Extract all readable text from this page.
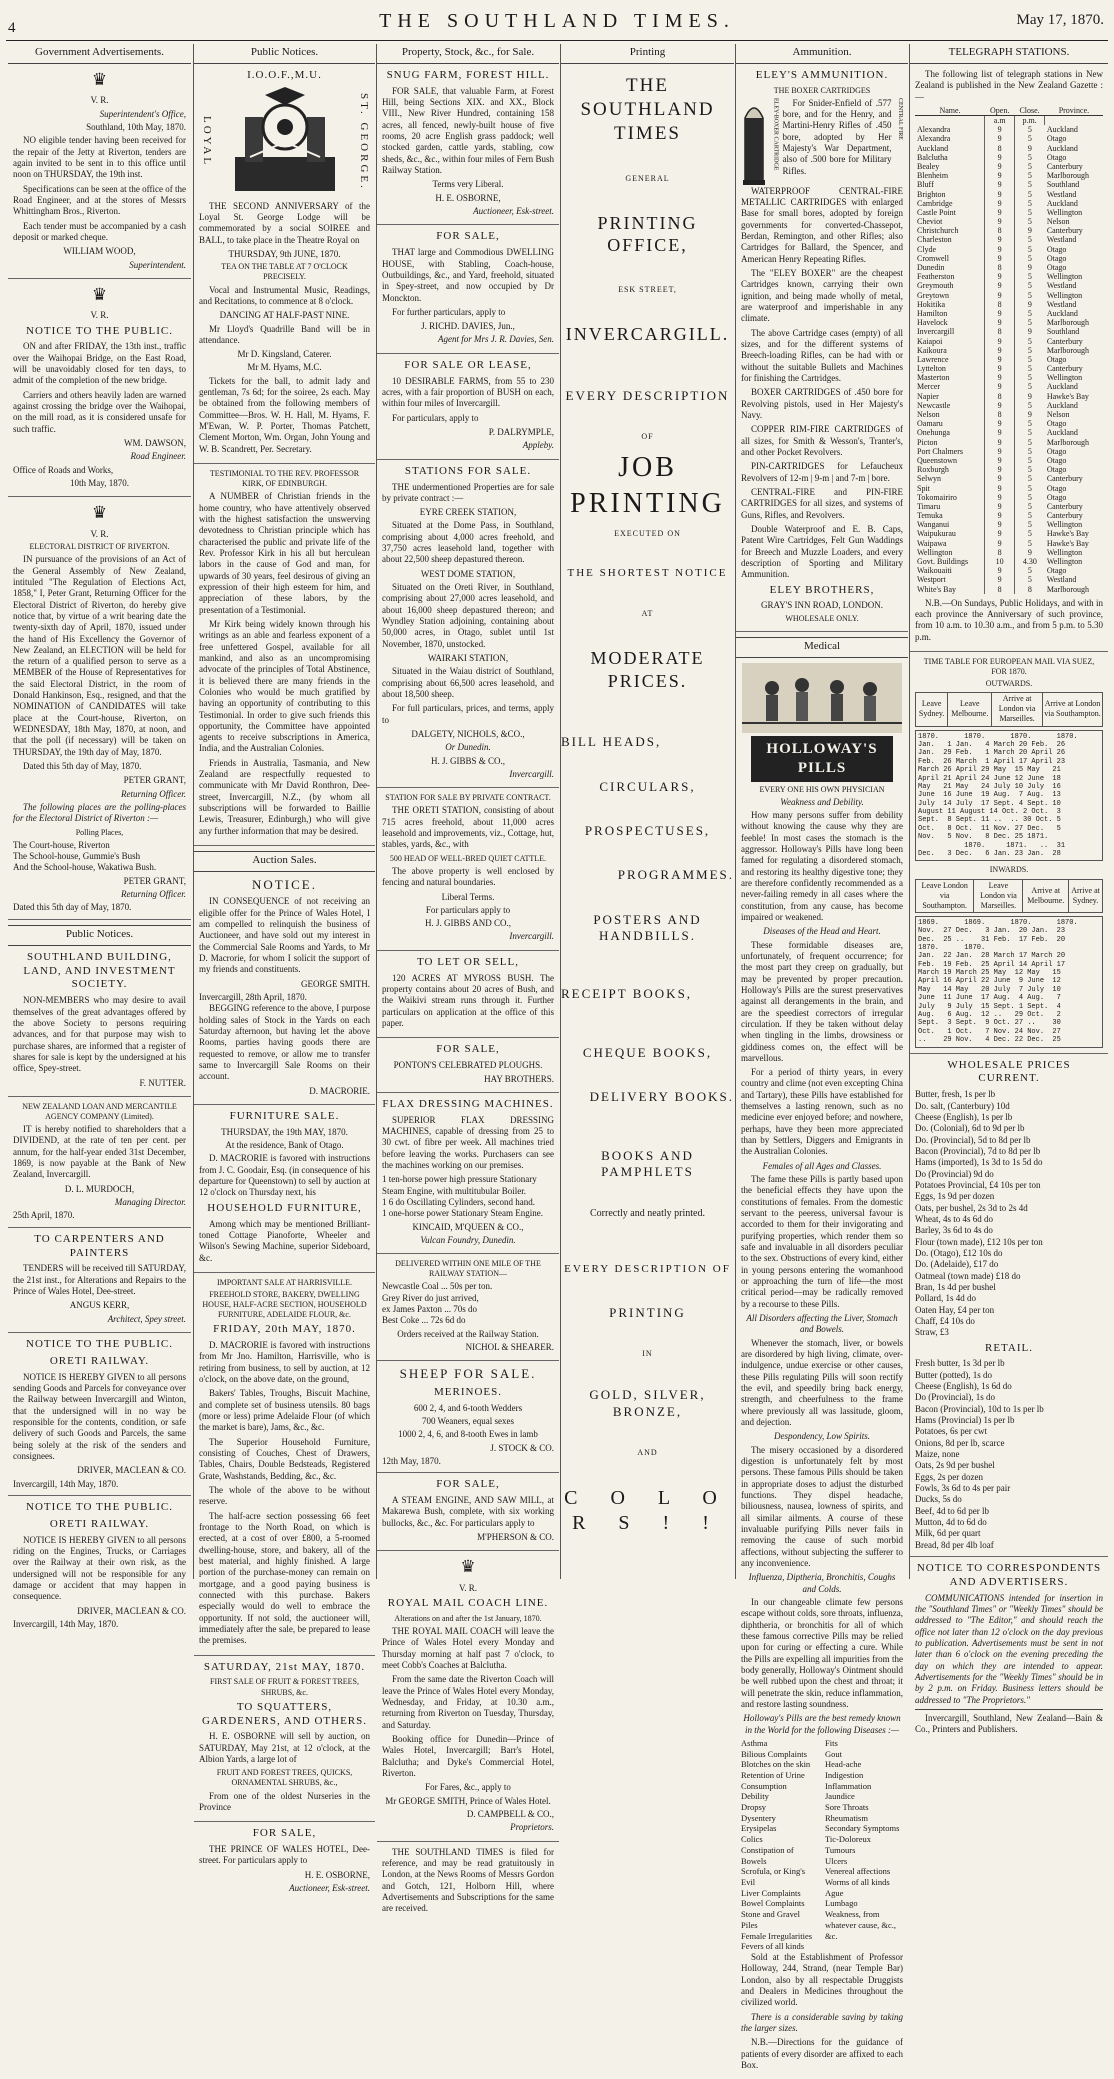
4	THE SOUTHLAND TIMES.	May 17, 1870.
Government Advertisements.
♛
V. R.
Superintendent's Office,
Southland, 10th May, 1870.

NO eligible tender having been received for the repair of the Jetty at Riverton, tenders are again invited to be sent in to this office until noon on THURSDAY, the 19th inst.

Specifications can be seen at the office of the Road Engineer, and at the stores of Messrs Whittingham Bros., Riverton.

Each tender must be accompanied by a cash deposit or marked cheque.

WILLIAM WOOD,
Superintendent.
♛
V. R.
NOTICE TO THE PUBLIC.

ON and after FRIDAY, the 13th inst., traffic over the Waihopai Bridge, on the East Road, will be unavoidably closed for ten days, to admit of the completion of the new bridge.

Carriers and others heavily laden are warned against crossing the bridge over the Waihopai, on the mill road, as it is considered unsafe for such traffic.

WM. DAWSON,
Road Engineer.
Office of Roads and Works,
10th May, 1870.
♛
V. R.
ELECTORAL DISTRICT OF RIVERTON.

IN pursuance of the provisions of an Act of the General Assembly of New Zealand, intituled "The Regulation of Elections Act, 1858," I, Peter Grant, Returning Officer for the Electoral District of Riverton, do hereby give notice that, by virtue of a writ bearing date the twenty-sixth day of April, 1870, issued under the hand of His Excellency the Governor of New Zealand, an ELECTION will be held for the return of a qualified person to serve as a MEMBER of the House of Representatives for the said Electoral District, in the room of Donald Hankinson, Esq., resigned, and that the NOMINATION of CANDIDATES will take place at the Court-house, Riverton, on WEDNESDAY, 18th May, 1870, at noon, and that the poll (if necessary) will be taken on THURSDAY, the 19th day of May, 1870.

Dated this 5th day of May, 1870.

PETER GRANT,
Returning Officer.

The following places are the polling-places for the Electoral District of Riverton :—

Polling Places,
The Court-house, Riverton
The School-house, Gummie's Bush
And the School-house, Wakatiwa Bush.
PETER GRANT,
Returning Officer.
Dated this 5th day of May, 1870.
Public Notices.
SOUTHLAND BUILDING, LAND, AND INVESTMENT SOCIETY.

NON-MEMBERS who may desire to avail themselves of the great advantages offered by the above Society to persons requiring advances, and for that purpose may wish to purchase shares, are informed that a register of shares for sale is kept by the undersigned at his office, Spey-street.

F. NUTTER.
NEW ZEALAND LOAN AND MERCANTILE AGENCY COMPANY (Limited).

IT is hereby notified to shareholders that a DIVIDEND, at the rate of ten per cent. per annum, for the half-year ended 31st December, 1869, is now payable at the Bank of New Zealand, Invercargill.

D. L. MURDOCH,
Managing Director.
25th April, 1870.
TO CARPENTERS AND PAINTERS

TENDERS will be received till SATURDAY, the 21st inst., for Alterations and Repairs to the Prince of Wales Hotel, Dee-street.

ANGUS KERR,
Architect, Spey street.
NOTICE TO THE PUBLIC.
ORETI RAILWAY.

NOTICE IS HEREBY GIVEN to all persons sending Goods and Parcels for conveyance over the Railway between Invercargill and Winton, that the undersigned will in no way be responsible for the contents, condition, or safe delivery of such Goods and Parcels, the same being solely at the risk of the senders and consignees.

DRIVER, MACLEAN & CO.
Invercargill, 14th May, 1870.
NOTICE TO THE PUBLIC.
ORETI RAILWAY.

NOTICE IS HEREBY GIVEN to all persons riding on the Engines, Trucks, or Carriages over the Railway at their own risk, as the undersigned will not be responsible for any damage or accident that may happen in consequence.

DRIVER, MACLEAN & CO.
Invercargill, 14th May, 1870.
Public Notices.
I.O.O.F.,M.U.
LOYAL	ST. GEORGE.

THE SECOND ANNIVERSARY of the Loyal St. George Lodge will be commemorated by a social SOIREE and BALL, to take place in the Theatre Royal on

THURSDAY, 9th JUNE, 1870.
TEA ON THE TABLE AT 7 O'CLOCK PRECISELY.

Vocal and Instrumental Music, Readings, and Recitations, to commence at 8 o'clock.

DANCING AT HALF-PAST NINE.

Mr Lloyd's Quadrille Band will be in attendance.

Mr D. Kingsland, Caterer.
Mr M. Hyams, M.C.

Tickets for the ball, to admit lady and gentleman, 7s 6d; for the soiree, 2s each. May be obtained from the following members of Committee—Bros. W. H. Hall, M. Hyams, F. M'Ewan, W. P. Porter, Thomas Patchett, Clement Morton, Wm. Organ, John Young and W. B. Scandrett, Per. Secretary.

TESTIMONIAL TO THE REV. PROFESSOR KIRK, OF EDINBURGH.

A NUMBER of Christian friends in the home country, who have attentively observed with the highest satisfaction the unswerving devotedness to Christian principle which has characterised the public and private life of the Rev. Professor Kirk in his all but herculean labors in the cause of God and man, for upwards of 30 years, feel desirous of giving an expression of their high esteem for him, and appreciation of these labors, by the presentation of a Testimonial.

Mr Kirk being widely known through his writings as an able and fearless exponent of a free unfettered Gospel, available for all mankind, and also as an uncompromising advocate of the principles of Total Abstinence, it is believed there are many friends in the Colonies who would be much gratified by having an opportunity of contributing to this Testimonial. In order to give such friends this opportunity, the Committee have appointed agents to receive subscriptions in America, India, and the Australian Colonies.

Friends in Australia, Tasmania, and New Zealand are respectfully requested to communicate with Mr David Ronthron, Dee-street, Invercargill, N.Z., (by whom all subscriptions will be forwarded to Baillie Lewis, Treasurer, Edinburgh,) who will give any further information that may be desired.

Auction Sales.
NOTICE.

IN CONSEQUENCE of not receiving an eligible offer for the Prince of Wales Hotel, I am compelled to relinquish the business of Auctioneer, and have sold out my interest in the Commercial Sale Rooms and Yards, to Mr D. Macrorie, for whom I solicit the support of my friends and constituents.

GEORGE SMITH.
Invercargill, 28th April, 1870.

BEGGING reference to the above, I purpose holding sales of Stock in the Yards on each Saturday afternoon, but having let the above Rooms, parties having goods there are requested to remove, or allow me to transfer same to Invercargill Sale Rooms on their account.

D. MACRORIE.
FURNITURE SALE.
THURSDAY, the 19th MAY, 1870.
At the residence, Bank of Otago.

D. MACRORIE is favored with instructions from J. C. Goodair, Esq. (in consequence of his departure for Queenstown) to sell by auction at 12 o'clock on Thursday next, his

HOUSEHOLD FURNITURE,

Among which may be mentioned Brilliant-toned Cottage Pianoforte, Wheeler and Wilson's Sewing Machine, superior Sideboard, &c.

IMPORTANT SALE AT HARRISVILLE.
FREEHOLD STORE, BAKERY, DWELLING HOUSE, HALF-ACRE SECTION, HOUSEHOLD FURNITURE, ADELAIDE FLOUR, &c.
FRIDAY, 20th MAY, 1870.

D. MACRORIE is favored with instructions from Mr Jno. Hamilton, Harrisville, who is retiring from business, to sell by auction, at 12 o'clock, on the above date, on the ground,

Bakers' Tables, Troughs, Biscuit Machine, and complete set of business utensils. 80 bags (more or less) prime Adelaide Flour (of which the market is bare), Jams, &c., &c.

The Superior Household Furniture, consisting of Couches, Chest of Drawers, Tables, Chairs, Double Bedsteads, Registered Grate, Washstands, Bedding, &c., &c.

The whole of the above to be without reserve.

The half-acre section possessing 66 feet frontage to the North Road, on which is erected, at a cost of over £800, a 5-roomed dwelling-house, store, and bakery, all of the best material, and highly finished. A large portion of the purchase-money can remain on mortgage, and a good paying business is connected with this purchase. Bakers especially would do well to embrace the opportunity. If not sold, the auctioneer will, immediately after the sale, be prepared to lease the premises.

SATURDAY, 21st MAY, 1870.
FIRST SALE OF FRUIT & FOREST TREES, SHRUBS, &c.
TO SQUATTERS, GARDENERS, AND OTHERS.

H. E. OSBORNE will sell by auction, on SATURDAY, May 21st, at 12 o'clock, at the Albion Yards, a large lot of

FRUIT AND FOREST TREES, QUICKS, ORNAMENTAL SHRUBS, &c.,

From one of the oldest Nurseries in the Province

FOR SALE,

THE PRINCE OF WALES HOTEL, Dee-street. For particulars apply to

H. E. OSBORNE,
Auctioneer, Esk-street.
Property, Stock, &c., for Sale.
SNUG FARM, FOREST HILL.

FOR SALE, that valuable Farm, at Forest Hill, being Sections XIX. and XX., Block VIII., New River Hundred, containing 158 acres, all fenced, newly-built house of five rooms, 20 acre English grass paddock; well stocked garden, cattle yards, stabling, cow sheds, &c., &c., within four miles of Fern Bush Railway Station.

Terms very Liberal.
H. E. OSBORNE,
Auctioneer, Esk-street.
FOR SALE,

THAT large and Commodious DWELLING HOUSE, with Stabling, Coach-house, Outbuildings, &c., and Yard, freehold, situated in Spey-street, and now occupied by Dr Monckton.

For further particulars, apply to

J. RICHD. DAVIES, Jun.,
Agent for Mrs J. R. Davies, Sen.
FOR SALE OR LEASE,

10 DESIRABLE FARMS, from 55 to 230 acres, with a fair proportion of BUSH on each, within four miles of Invercargill.

For particulars, apply to

P. DALRYMPLE,
Appleby.
STATIONS FOR SALE.

THE undermentioned Properties are for sale by private contract :—

EYRE CREEK STATION,

Situated at the Dome Pass, in Southland, comprising about 4,000 acres freehold, and 37,750 acres leasehold land, together with about 22,500 sheep depastured thereon.

WEST DOME STATION,

Situated on the Oreti River, in Southland, comprising about 27,000 acres leasehold, and about 16,000 sheep depastured thereon; and Wyndley Station adjoining, containing about 50,000 acres, in Otago, sublet until 1st November, 1870, unstocked.

WAIRAKI STATION,

Situated in the Waiau district of Southland, comprising about 66,500 acres leasehold, and about 18,500 sheep.

For full particulars, prices, and terms, apply to

DALGETY, NICHOLS, &CO.,
Or Dunedin.
H. J. GIBBS & CO.,
Invercargill.
STATION FOR SALE BY PRIVATE CONTRACT.

THE ORETI STATION, consisting of about 715 acres freehold, about 11,000 acres leasehold and improvements, viz., Cottage, hut, stables, yards, &c., with

500 HEAD OF WELL-BRED QUIET CATTLE.

The above property is well enclosed by fencing and natural boundaries.

Liberal Terms.
For particulars apply to
H. J. GIBBS AND CO.,
Invercargill.
TO LET OR SELL,

120 ACRES AT MYROSS BUSH. The property contains about 20 acres of Bush, and the Waikivi stream runs through it. Further particulars on application at the office of this paper.

FOR SALE,
PONTON'S CELEBRATED PLOUGHS.
HAY BROTHERS.
FLAX DRESSING MACHINES.

SUPERIOR FLAX DRESSING MACHINES, capable of dressing from 25 to 30 cwt. of fibre per week. All machines tried before leaving the works. Purchasers can see the machines working on our premises.

1 ten-horse power high pressure Stationary Steam Engine, with multitubular Boiler.
1 6 do Oscillating Cylinders, second hand.
1 one-horse power Stationary Steam Engine.
KINCAID, M'QUEEN & CO.,
Vulcan Foundry, Dunedin.
DELIVERED WITHIN ONE MILE OF THE RAILWAY STATION—
Newcastle Coal ... 50s per ton.
Grey River do just arrived,
ex James Paxton ... 70s do
Best Coke ... 72s 6d do
Orders received at the Railway Station.
NICHOL & SHEARER.
SHEEP FOR SALE.
MERINOES.
600 2, 4, and 6-tooth Wedders
700 Weaners, equal sexes
1000 2, 4, 6, and 8-tooth Ewes in lamb
J. STOCK & CO.
12th May, 1870.
FOR SALE,

A STEAM ENGINE, AND SAW MILL, at Makarewa Bush, complete, with six working bullocks, &c., &c. For particulars apply to

M'PHERSON & CO.
♛
V. R.
ROYAL MAIL COACH LINE.
Alterations on and after the 1st January, 1870.

THE ROYAL MAIL COACH will leave the Prince of Wales Hotel every Monday and Thursday morning at half past 7 o'clock, to meet Cobb's Coaches at Balclutha.

From the same date the Riverton Coach will leave the Prince of Wales Hotel every Monday, Wednesday, and Friday, at 10.30 a.m., returning from Riverton on Tuesday, Thursday, and Saturday.

Booking office for Dunedin—Prince of Wales Hotel, Invercargill; Barr's Hotel, Balclutha; and Dyke's Commercial Hotel, Riverton.

For Fares, &c., apply to
Mr GEORGE SMITH, Prince of Wales Hotel.
D. CAMPBELL & CO.,
Proprietors.

THE SOUTHLAND TIMES is filed for reference, and may be read gratuitously in London, at the News Rooms of Messrs Gordon and Gotch, 121, Holborn Hill, where Advertisements and Subscriptions for the same are received.

Printing
THE SOUTHLAND TIMES
GENERAL
PRINTING OFFICE,
ESK STREET,
INVERCARGILL.
EVERY DESCRIPTION
OF
JOB PRINTING
EXECUTED ON
THE SHORTEST NOTICE
AT
MODERATE PRICES.
BILL HEADS,
CIRCULARS,
PROSPECTUSES,
PROGRAMMES.
POSTERS AND HANDBILLS.
RECEIPT BOOKS,
CHEQUE BOOKS,
DELIVERY BOOKS.
BOOKS AND PAMPHLETS
Correctly and neatly printed.
EVERY DESCRIPTION OF
PRINTING
IN
GOLD, SILVER, BRONZE,
AND
C O L O R S ! !
Ammunition.
ELEY'S AMMUNITION.
THE BOXER CARTRIDGES
ELEY-BOXER CARTRIDGE	For Snider-Enfield of .577 bore, and for the Henry, and Martini-Henry Rifles of .450 bore, adopted by Her Majesty's War Department, also of .500 bore for Military Rifles.

CENTRAL FIRE

WATERPROOF CENTRAL-FIRE METALLIC CARTRIDGES with enlarged Base for small bores, adopted by foreign governments for converted-Chassepot, Berdan, Remington, and other Rifles; also Cartridges for Ballard, the Spencer, and American Henry Repeating Rifles.

The "ELEY BOXER" are the cheapest Cartridges known, carrying their own ignition, and being made wholly of metal, are waterproof and imperishable in any climate.

The above Cartridge cases (empty) of all sizes, and for the different systems of Breech-loading Rifles, can be had with or without the suitable Bullets and Machines for finishing the Cartridges.

BOXER CARTRIDGES of .450 bore for Revolving pistols, used in Her Majesty's Navy.

COPPER RIM-FIRE CARTRIDGES of all sizes, for Smith & Wesson's, Tranter's, and other Pocket Revolvers.

PIN-CARTRIDGES for Lefaucheux Revolvers of 12-m | 9-m | and 7-m | bore.

CENTRAL-FIRE and PIN-FIRE CARTRIDGES for all sizes, and systems of Guns, Rifles, and Revolvers.

Double Waterproof and E. B. Caps, Patent Wire Cartridges, Felt Gun Waddings for Breech and Muzzle Loaders, and every description of Sporting and Military Ammunition.

ELEY BROTHERS,
GRAY'S INN ROAD, LONDON.
WHOLESALE ONLY.
Medical
HOLLOWAY'S PILLS
EVERY ONE HIS OWN PHYSICIAN
Weakness and Debility.

How many persons suffer from debility without knowing the cause why they are feeble! In most cases the stomach is the aggressor. Holloway's Pills have long been famed for regulating a disordered stomach, and restoring its healthy digestive tone; they are therefore confidently recommended as a never-failing remedy in all cases where the constitution, from any cause, has become impaired or weakened.

Diseases of the Head and Heart.

These formidable diseases are, unfortunately, of frequent occurrence; for the most part they creep on gradually, but may be prevented by proper precaution. Holloway's Pills are the surest preservatives against all derangements in the brain, and are the speediest correctors of irregular circulation. If they be taken without delay when tingling in the limbs, drowsiness or giddiness comes on, the effect will be marvellous.

For a period of thirty years, in every country and clime (not even excepting China and Tartary), these Pills have established for themselves a lasting renown, such as no medicine ever enjoyed before; and nowhere, perhaps, have they been more appreciated than by Settlers, Diggers and Emigrants in the Australian Colonies.

Females of all Ages and Classes.

The fame these Pills is partly based upon the beneficial effects they have upon the constitutions of females. From the domestic servant to the peeress, universal favour is accorded to them for their invigorating and purifying properties, which render them so safe and invaluable in all disorders peculiar to the sex. Obstructions of every kind, either in young persons entering the womanhood or approaching the turn of life—the most critical period—may be radically removed by a recourse to these Pills.

All Disorders affecting the Liver, Stomach and Bowels.

Whenever the stomach, liver, or bowels are disordered by high living, climate, over-indulgence, undue exercise or other causes, these Pills regulating Pills will soon rectify the evil, and speedily bring back energy, strength, and cheerfulness to the frame where previously all was lassitude, gloom, and dejection.

Despondency, Low Spirits.

The misery occasioned by a disordered digestion is unfortunately felt by most persons. These famous Pills should be taken in appropriate doses to adjust the disturbed functions. They dispel headache, biliousness, nausea, lowness of spirits, and all similar ailments. A course of these invaluable purifying Pills never fails in removing the cause of such morbid affections, without subjecting the sufferer to any inconvenience.

Influenza, Diptheria, Bronchitis, Coughs and Colds.

In our changeable climate few persons escape without colds, sore throats, influenza, diphtheria, or bronchitis for all of which these famous corrective Pills may be relied upon for curing or effecting a cure. While the Pills are expelling all impurities from the body generally, Holloway's Ointment should be well rubbed upon the chest and throat; it will penetrate the skin, reduce inflammation, and restore lasting soundness.

Holloway's Pills are the best remedy known in the World for the following Diseases :—
Asthma
Bilious Complaints
Blotches on the skin
Retention of Urine
Consumption
Debility
Dropsy
Dysentery
Erysipelas
Colics
Constipation of Bowels
Scrofula, or King's Evil
Liver Complaints
Bowel Complaints
Stone and Gravel
Piles
Female Irregularities
Fevers of all kinds
Fits
Gout
Head-ache
Indigestion
Inflammation
Jaundice
Sore Throats
Rheumatism
Secondary Symptoms
Tic-Doloreux
Tumours
Ulcers
Venereal affections
Worms of all kinds
Ague
Lumbago
Weakness, from whatever cause, &c., &c.

Sold at the Establishment of Professor Holloway, 244, Strand, (near Temple Bar) London, also by all respectable Druggists and Dealers in Medicines throughout the civilized world.

There is a considerable saving by taking the larger sizes.

N.B.—Directions for the guidance of patients of every disorder are affixed to each Box.

TELEGRAPH STATIONS.

The following list of telegraph stations in New Zealand is published in the New Zealand Gazette :—

Name.	Open.	Close.	Province.
	a.m	p.m.	
Alexandra	9	5	Auckland
Alexandra	9	5	Otago
Auckland	8	9	Auckland
Balclutha	9	5	Otago
Bealey	9	5	Canterbury
Blenheim	9	5	Marlborough
Bluff	9	5	Southland
Brighton	9	5	Westland
Cambridge	9	5	Auckland
Castle Point	9	5	Wellington
Cheviot	9	5	Nelson
Christchurch	8	9	Canterbury
Charleston	9	5	Westland
Clyde	9	5	Otago
Cromwell	9	5	Otago
Dunedin	8	9	Otago
Featherston	9	5	Wellington
Greymouth	9	5	Westland
Greytown	9	5	Wellington
Hokitika	8	9	Westland
Hamilton	9	5	Auckland
Havelock	9	5	Marlborough
Invercargill	8	9	Southland
Kaiapoi	9	5	Canterbury
Kaikoura	9	5	Marlborough
Lawrence	9	5	Otago
Lyttelton	9	5	Canterbury
Masterton	9	5	Wellington
Mercer	9	5	Auckland
Napier	8	9	Hawke's Bay
Newcastle	9	5	Auckland
Nelson	8	9	Nelson
Oamaru	9	5	Otago
Onehunga	9	5	Auckland
Picton	9	5	Marlborough
Port Chalmers	9	5	Otago
Queenstown	9	5	Otago
Roxburgh	9	5	Otago
Selwyn	9	5	Canterbury
Spit	9	5	Otago
Tokomairiro	9	5	Otago
Timaru	9	5	Canterbury
Temuka	9	5	Canterbury
Wanganui	9	5	Wellington
Waipukurau	9	5	Hawke's Bay
Waipawa	9	5	Hawke's Bay
Wellington	8	9	Wellington
Govt. Buildings	10	4.30	Wellington
Waikouaiti	9	5	Otago
Westport	9	5	Westland
White's Bay	8	8	Marlborough

N.B.—On Sundays, Public Holidays, and with in each province the Anniversary of such province, from 10 a.m. to 10.30 a.m., and from 5 p.m. to 5.30 p.m.

TIME TABLE FOR EUROPEAN MAIL VIA SUEZ, FOR 1870.
OUTWARDS.
Leave Sydney.	Leave Melbourne.	Arrive at London via Marseilles.	Arrive at London via Southampton.
1870.      1870.      1870.      1870.
Jan.   1 Jan.   4 March 20 Feb.  26
Jan.  29 Feb.   1 March 20 April 26
Feb.  26 March  1 April 17 April 23
March 26 April 29 May  15 May   21
April 21 April 24 June 12 June  18
May   21 May   24 July 10 July  16
June  16 June  19 Aug.  7 Aug.  13
July  14 July  17 Sept. 4 Sept. 10
August 11 August 14 Oct. 2 Oct.  3
Sept.  8 Sept. 11 ..  .. 30 Oct. 5
Oct.   8 Oct.  11 Nov. 27 Dec.   5
Nov.   5 Nov.   8 Dec. 25 1871.
1870.     1871.   ..  31
Dec.   3 Dec.   6 Jan. 23 Jan.  28
INWARDS.
Leave London via Southampton.	Leave London via Marseilles.	Arrive at Melbourne.	Arrive at Sydney.
1869.      1869.      1870.      1870.
Nov.  27 Dec.   3 Jan.  20 Jan.  23
Dec.  25 ..    31 Feb.  17 Feb.  20
1870.      1870.
Jan.  22 Jan.  28 March 17 March 20
Feb.  19 Feb.  25 April 14 April 17
March 19 March 25 May  12 May   15
April 16 April 22 June  9 June  12
May   14 May   20 July  7 July  10
June  11 June  17 Aug.  4 Aug.   7
July   9 July  15 Sept. 1 Sept.  4
Aug.   6 Aug.  12 ..   29 Oct.   2
Sept.  3 Sept.  9 Oct. 27 ..    30
Oct.   1 Oct.   7 Nov. 24 Nov.  27
..    29 Nov.   4 Dec. 22 Dec.  25
WHOLESALE PRICES CURRENT.
Butter, fresh, 1s per lb
Do. salt, (Canterbury) 10d
Cheese (English), 1s per lb
Do. (Colonial), 6d to 9d per lb
Do. (Provincial), 5d to 8d per lb
Bacon (Provincial), 7d to 8d per lb
Hams (imported), 1s 3d to 1s 5d do
Do (Provincial) 9d do
Potatoes Provincial, £4 10s per ton
Eggs, 1s 9d per dozen
Oats, per bushel, 2s 3d to 2s 4d
Wheat, 4s to 4s 6d do
Barley, 3s 6d to 4s do
Flour (town made), £12 10s per ton
Do. (Otago), £12 10s do
Do. (Adelaide), £17 do
Oatmeal (town made) £18 do
Bran, 1s 4d per bushel
Pollard, 1s 4d do
Oaten Hay, £4 per ton
Chaff, £4 10s do
Straw, £3
RETAIL.
Fresh butter, 1s 3d per lb
Butter (potted), 1s do
Cheese (English), 1s 6d do
Do (Provincial), 1s do
Bacon (Provincial), 10d to 1s per lb
Hams (Provincial) 1s per lb
Potatoes, 6s per cwt
Onions, 8d per lb, scarce
Maize, none
Oats, 2s 9d per bushel
Eggs, 2s per dozen
Fowls, 3s 6d to 4s per pair
Ducks, 5s do
Beef, 4d to 6d per lb
Mutton, 4d to 6d do
Milk, 6d per quart
Bread, 8d per 4lb loaf
NOTICE TO CORRESPONDENTS AND ADVERTISERS.

COMMUNICATIONS intended for insertion in the "Southland Times" or "Weekly Times" should be addressed to "The Editor," and should reach the office not later than 12 o'clock on the day previous to publication. Advertisements must be sent in not later than 6 o'clock on the evening preceding the day on which they are intended to appear. Advertisements for the "Weekly Times" should be in by 2 p.m. on Friday. Business letters should be addressed to "The Proprietors."

Invercargill, Southland, New Zealand—Bain & Co., Printers and Publishers.
